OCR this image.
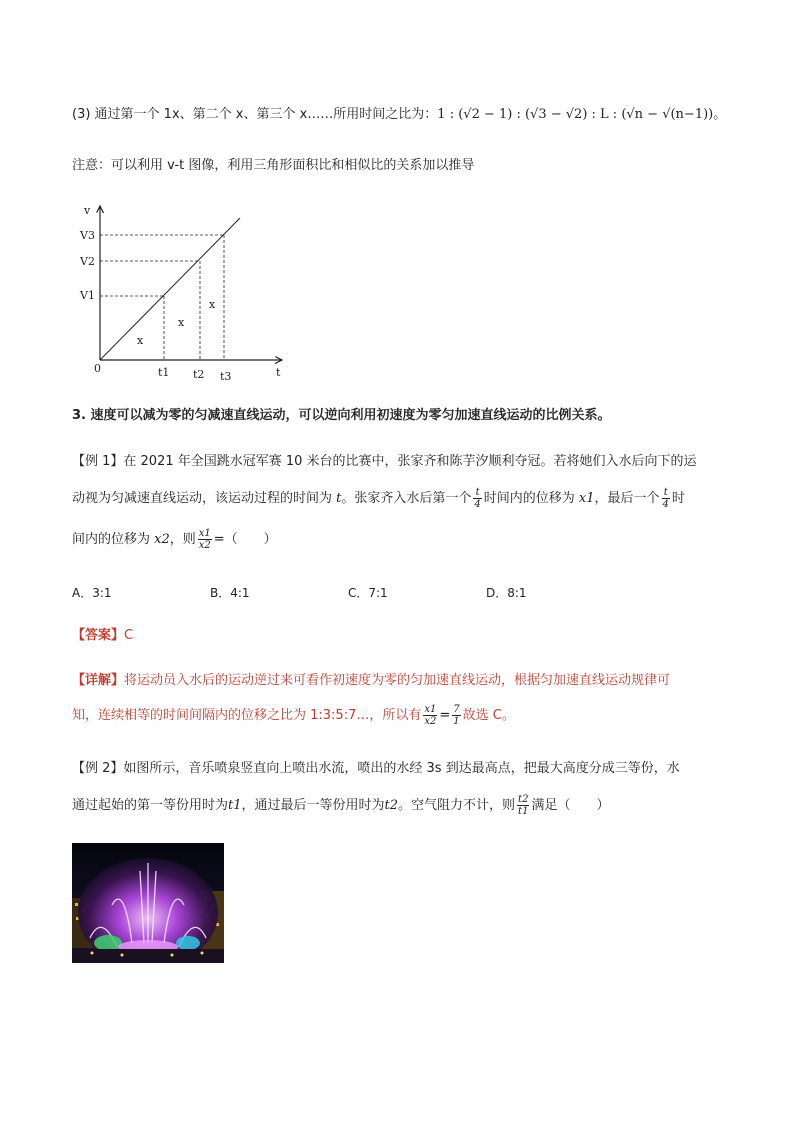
(3) 通过第一个 1x、第二个 x、第三个 x……所用时间之比为：1 : (√2 − 1) : (√3 − √2) : L : (√n − √(n−1))。
注意：可以利用 v-t 图像，利用三角形面积比和相似比的关系加以推导
v
t
0
V3
V2
V1
t1 t2 t3
x
x
x
3. 速度可以减为零的匀减速直线运动，可以逆向利用初速度为零匀加速直线运动的比例关系。
【例 1】在 2021 年全国跳水冠军赛 10 米台的比赛中，张家齐和陈芋汐顺利夺冠。若将她们入水后向下的运
动视为匀减速直线运动，该运动过程的时间为 t。张家齐入水后第一个 $\frac{t}{4}$ 时间内的位移为 x1，最后一个 $\frac{t}{4}$ 时
间内的位移为 x2，则 $\frac{x1}{x2}$ =（　　）
A．3:1	B．4:1	C．7:1	D．8:1
【答案】C
【详解】将运动员入水后的运动逆过来可看作初速度为零的匀加速直线运动，根据匀加速直线运动规律可
知，连续相等的时间间隔内的位移之比为 1:3:5:7…，所以有 $\frac{x1}{x2} = \frac{7}{1}$ 故选 C。
【例 2】如图所示，音乐喷泉竖直向上喷出水流，喷出的水经 3s 到达最高点，把最大高度分成三等份，水
通过起始的第一等份用时为t1，通过最后一等份用时为t2。空气阻力不计，则 $\frac{t2}{t1}$ 满足（　　）
